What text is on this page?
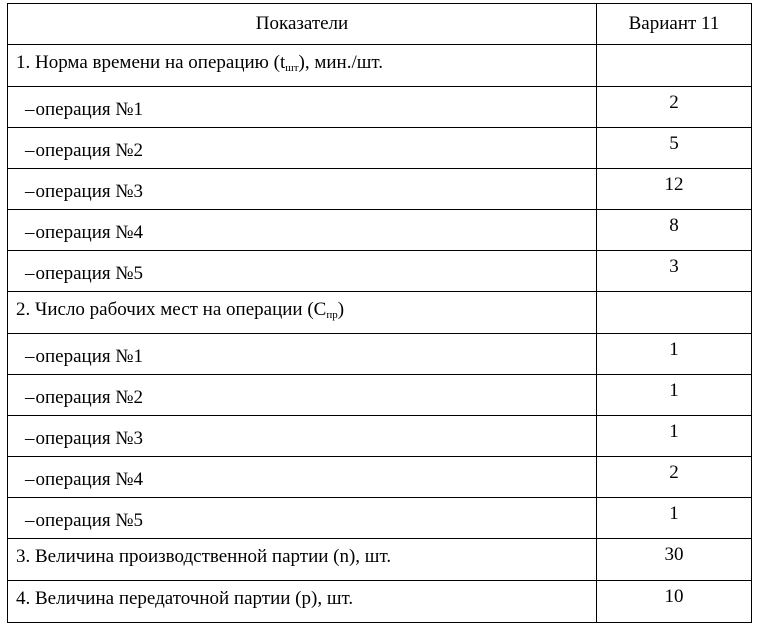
Показатели	Вариант 11

1. Норма времени на операцию $(t_{шт})$, мин./шт.	

–операция №1	2

–операция №2	5

–операция №3	12

–операция №4	8

–операция №5	3

2. Число рабочих мест на операции $(С_{пр})$	

–операция №1	1

–операция №2	1

–операция №3	1

–операция №4	2

–операция №5	1

3. Величина производственной партии (n), шт.	30

4. Величина передаточной партии (р), шт.	10
